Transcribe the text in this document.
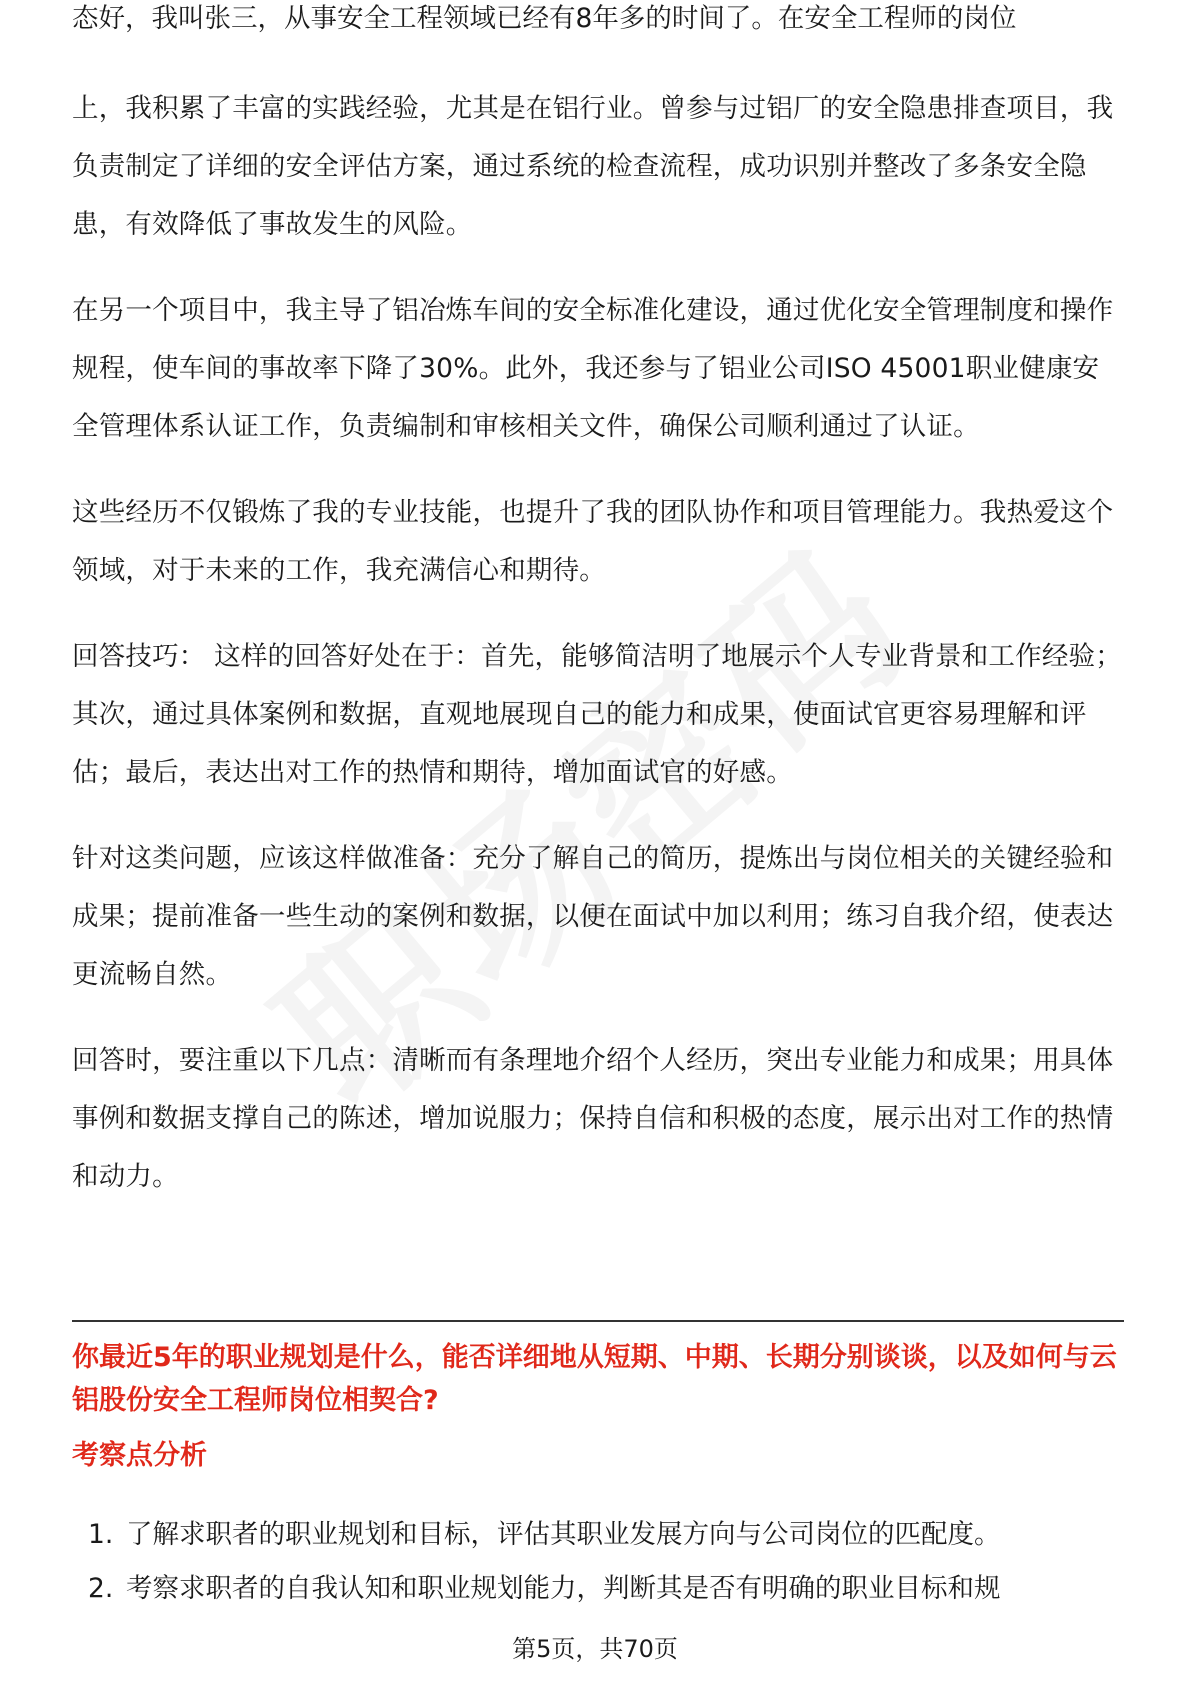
态好，我叫张三，从事安全工程领域已经有8年多的时间了。在安全工程师的岗位

上，我积累了丰富的实践经验，尤其是在铝行业。曾参与过铝厂的安全隐患排查项目，我负责制定了详细的安全评估方案，通过系统的检查流程，成功识别并整改了多条安全隐患，有效降低了事故发生的风险。

在另一个项目中，我主导了铝冶炼车间的安全标准化建设，通过优化安全管理制度和操作规程，使车间的事故率下降了30%。此外，我还参与了铝业公司ISO 45001职业健康安全管理体系认证工作，负责编制和审核相关文件，确保公司顺利通过了认证。

这些经历不仅锻炼了我的专业技能，也提升了我的团队协作和项目管理能力。我热爱这个领域，对于未来的工作，我充满信心和期待。

回答技巧： 这样的回答好处在于：首先，能够简洁明了地展示个人专业背景和工作经验；其次，通过具体案例和数据，直观地展现自己的能力和成果，使面试官更容易理解和评估；最后，表达出对工作的热情和期待，增加面试官的好感。

针对这类问题，应该这样做准备：充分了解自己的简历，提炼出与岗位相关的关键经验和成果；提前准备一些生动的案例和数据，以便在面试中加以利用；练习自我介绍，使表达更流畅自然。

回答时，要注重以下几点：清晰而有条理地介绍个人经历，突出专业能力和成果；用具体事例和数据支撑自己的陈述，增加说服力；保持自信和积极的态度，展示出对工作的热情和动力。

你最近5年的职业规划是什么，能否详细地从短期、中期、长期分别谈谈，以及如何与云铝股份安全工程师岗位相契合?

考察点分析

1. 了解求职者的职业规划和目标，评估其职业发展方向与公司岗位的匹配度。
2. 考察求职者的自我认知和职业规划能力，判断其是否有明确的职业目标和规
第5页，共70页
